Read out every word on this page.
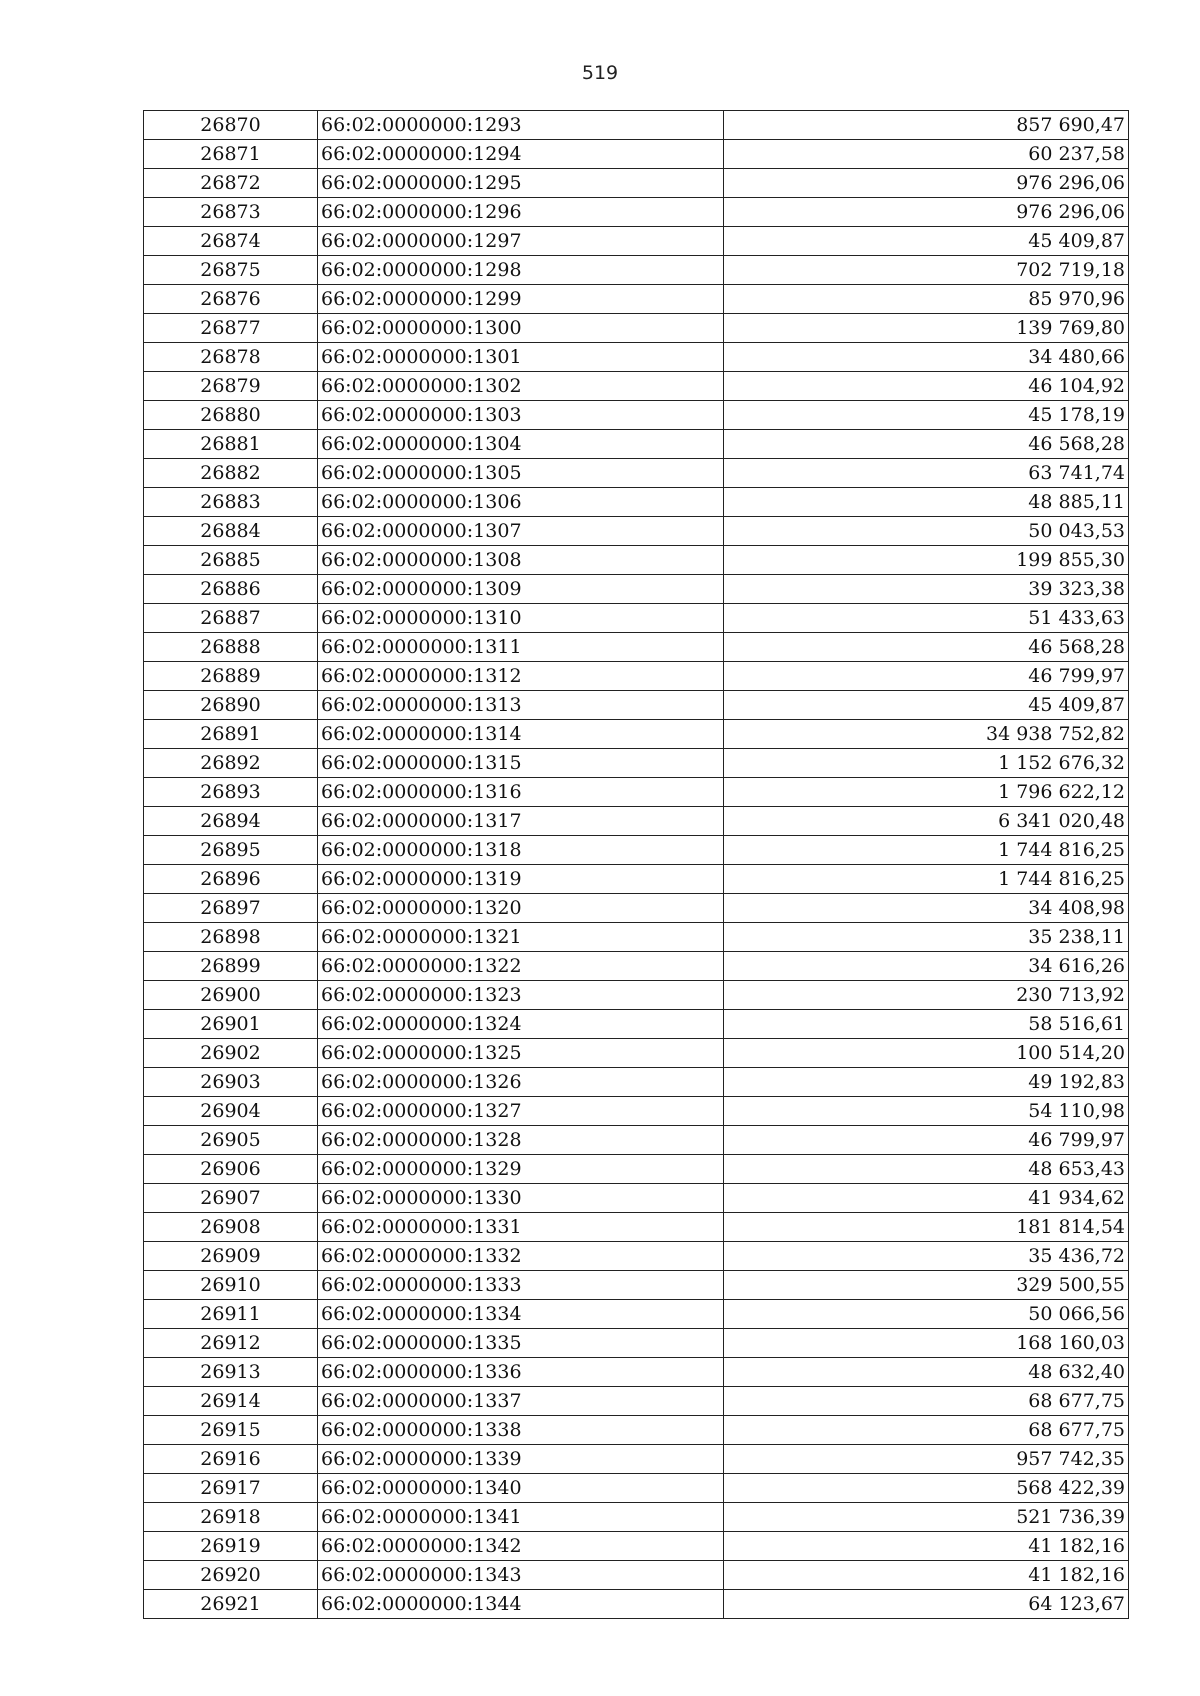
519
26870	66:02:0000000:1293	857 690,47
26871	66:02:0000000:1294	60 237,58
26872	66:02:0000000:1295	976 296,06
26873	66:02:0000000:1296	976 296,06
26874	66:02:0000000:1297	45 409,87
26875	66:02:0000000:1298	702 719,18
26876	66:02:0000000:1299	85 970,96
26877	66:02:0000000:1300	139 769,80
26878	66:02:0000000:1301	34 480,66
26879	66:02:0000000:1302	46 104,92
26880	66:02:0000000:1303	45 178,19
26881	66:02:0000000:1304	46 568,28
26882	66:02:0000000:1305	63 741,74
26883	66:02:0000000:1306	48 885,11
26884	66:02:0000000:1307	50 043,53
26885	66:02:0000000:1308	199 855,30
26886	66:02:0000000:1309	39 323,38
26887	66:02:0000000:1310	51 433,63
26888	66:02:0000000:1311	46 568,28
26889	66:02:0000000:1312	46 799,97
26890	66:02:0000000:1313	45 409,87
26891	66:02:0000000:1314	34 938 752,82
26892	66:02:0000000:1315	1 152 676,32
26893	66:02:0000000:1316	1 796 622,12
26894	66:02:0000000:1317	6 341 020,48
26895	66:02:0000000:1318	1 744 816,25
26896	66:02:0000000:1319	1 744 816,25
26897	66:02:0000000:1320	34 408,98
26898	66:02:0000000:1321	35 238,11
26899	66:02:0000000:1322	34 616,26
26900	66:02:0000000:1323	230 713,92
26901	66:02:0000000:1324	58 516,61
26902	66:02:0000000:1325	100 514,20
26903	66:02:0000000:1326	49 192,83
26904	66:02:0000000:1327	54 110,98
26905	66:02:0000000:1328	46 799,97
26906	66:02:0000000:1329	48 653,43
26907	66:02:0000000:1330	41 934,62
26908	66:02:0000000:1331	181 814,54
26909	66:02:0000000:1332	35 436,72
26910	66:02:0000000:1333	329 500,55
26911	66:02:0000000:1334	50 066,56
26912	66:02:0000000:1335	168 160,03
26913	66:02:0000000:1336	48 632,40
26914	66:02:0000000:1337	68 677,75
26915	66:02:0000000:1338	68 677,75
26916	66:02:0000000:1339	957 742,35
26917	66:02:0000000:1340	568 422,39
26918	66:02:0000000:1341	521 736,39
26919	66:02:0000000:1342	41 182,16
26920	66:02:0000000:1343	41 182,16
26921	66:02:0000000:1344	64 123,67
